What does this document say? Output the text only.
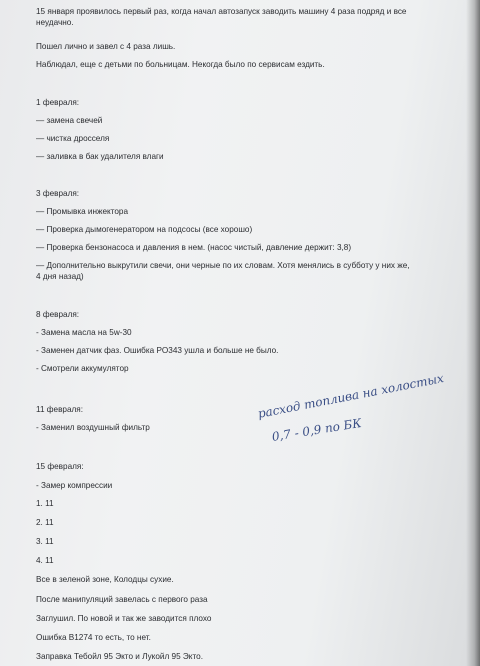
15 января проявилось первый раз, когда начал автозапуск заводить машину 4 раза подряд и все неудачно.
Пошел лично и завел с 4 раза лишь.
Наблюдал, еще с детьми по больницам. Некогда было по сервисам ездить.
1 февраля:
— замена свечей
— чистка дросселя
— заливка в бак удалителя влаги
3 февраля:
— Промывка инжектора
— Проверка дымогенератором на подсосы (все хорошо)
— Проверка бензонасоса и давления в нем. (насос чистый, давление держит: 3,8)
— Дополнительно выкрутили свечи, они черные по их словам. Хотя менялись в субботу у них же, 4 дня назад)
8 февраля:
- Замена масла на 5w-30
- Заменен датчик фаз. Ошибка PO343 ушла и больше не было.
- Смотрели аккумулятор
11 февраля:
- Заменил воздушный фильтр
расход топлива на холостых
0,7 - 0,9 по БК
15 февраля:
- Замер компрессии
1. 11
2. 11
3. 11
4. 11
Все в зеленой зоне, Колодцы сухие.
После манипуляций завелась с первого раза
Заглушил. По новой и так же заводится плохо
Ошибка B1274 то есть, то нет.
Заправка Тебойл 95 Экто и Лукойл 95 Экто.
